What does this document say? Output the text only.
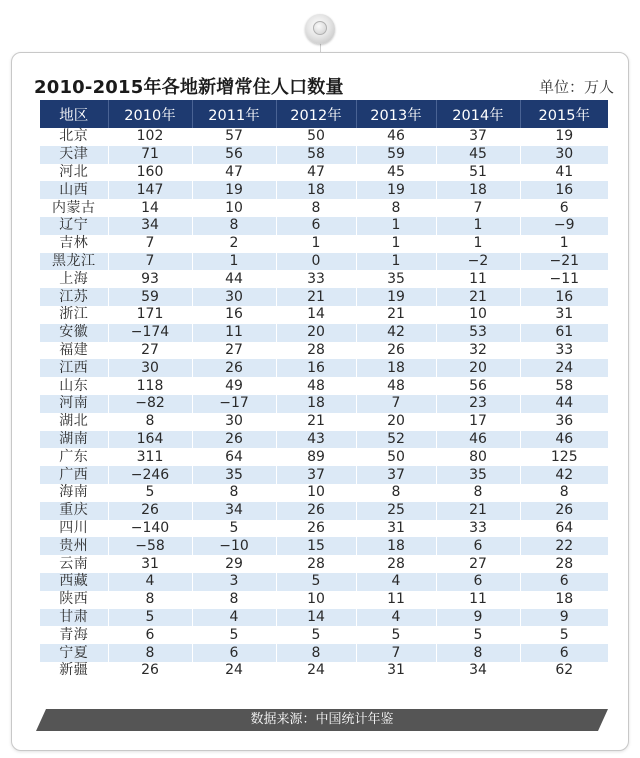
2010-2015年各地新增常住人口数量	单位：万人
地区	2010年	2011年	2012年	2013年	2014年	2015年
北京	102	57	50	46	37	19
天津	71	56	58	59	45	30
河北	160	47	47	45	51	41
山西	147	19	18	19	18	16
内蒙古	14	10	8	8	7	6
辽宁	34	8	6	1	1	−9
吉林	7	2	1	1	1	1
黑龙江	7	1	0	1	−2	−21
上海	93	44	33	35	11	−11
江苏	59	30	21	19	21	16
浙江	171	16	14	21	10	31
安徽	−174	11	20	42	53	61
福建	27	27	28	26	32	33
江西	30	26	16	18	20	24
山东	118	49	48	48	56	58
河南	−82	−17	18	7	23	44
湖北	8	30	21	20	17	36
湖南	164	26	43	52	46	46
广东	311	64	89	50	80	125
广西	−246	35	37	37	35	42
海南	5	8	10	8	8	8
重庆	26	34	26	25	21	26
四川	−140	5	26	31	33	64
贵州	−58	−10	15	18	6	22
云南	31	29	28	28	27	28
西藏	4	3	5	4	6	6
陕西	8	8	10	11	11	18
甘肃	5	4	14	4	9	9
青海	6	5	5	5	5	5
宁夏	8	6	8	7	8	6
新疆	26	24	24	31	34	62
数据来源：中国统计年鉴
